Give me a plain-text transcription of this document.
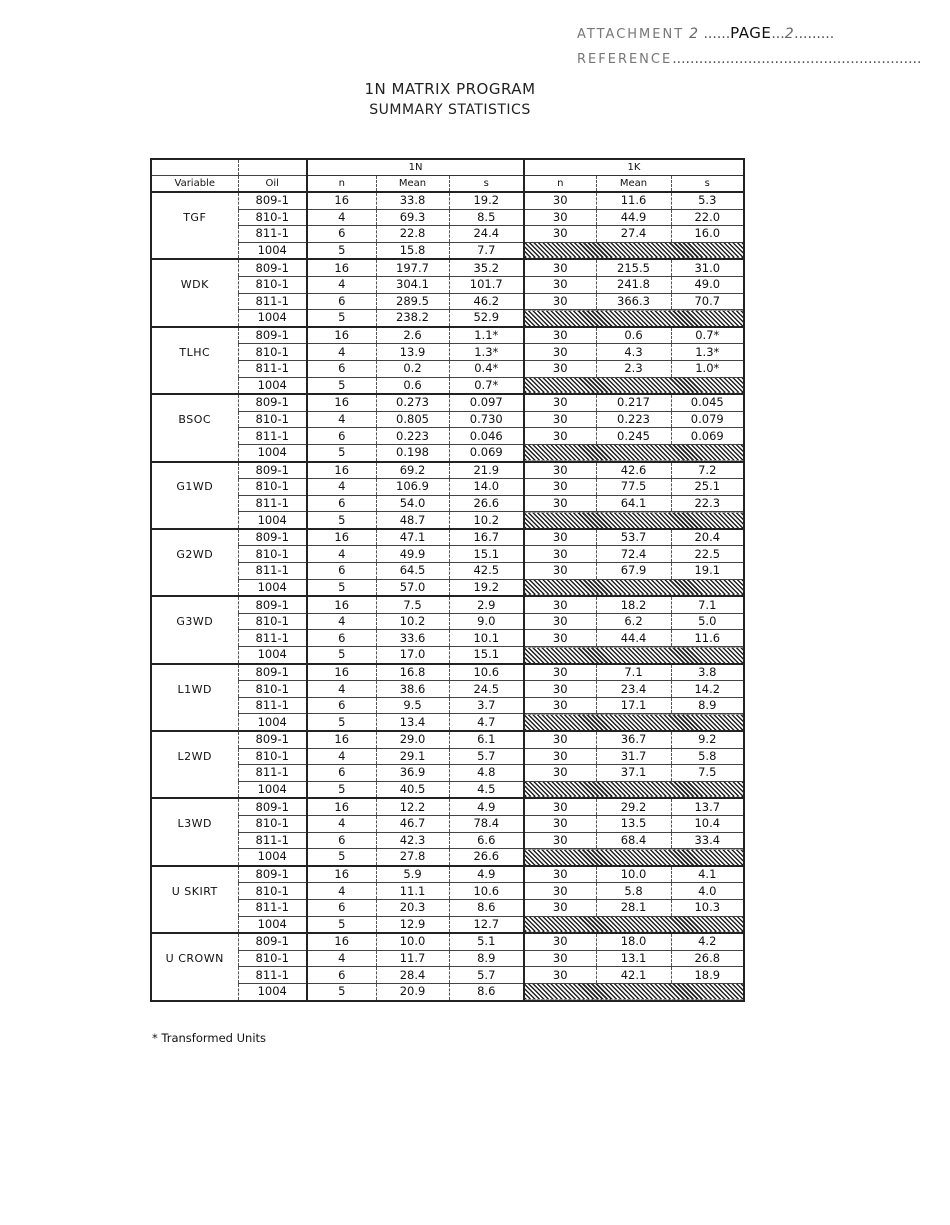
ATTACHMENT 2 ......PAGE...2.........
REFERENCE........................................................
1N MATRIX PROGRAM
SUMMARY STATISTICS
		1N			1K		
Variable	Oil	n	Mean	s	n	Mean	s
	809-1	16	33.8	19.2	30	11.6	5.3
TGF	810-1	4	69.3	8.5	30	44.9	22.0
	811-1	6	22.8	24.4	30	27.4	16.0
	1004	5	15.8	7.7			
	809-1	16	197.7	35.2	30	215.5	31.0
WDK	810-1	4	304.1	101.7	30	241.8	49.0
	811-1	6	289.5	46.2	30	366.3	70.7
	1004	5	238.2	52.9			
	809-1	16	2.6	1.1*	30	0.6	0.7*
TLHC	810-1	4	13.9	1.3*	30	4.3	1.3*
	811-1	6	0.2	0.4*	30	2.3	1.0*
	1004	5	0.6	0.7*			
	809-1	16	0.273	0.097	30	0.217	0.045
BSOC	810-1	4	0.805	0.730	30	0.223	0.079
	811-1	6	0.223	0.046	30	0.245	0.069
	1004	5	0.198	0.069			
	809-1	16	69.2	21.9	30	42.6	7.2
G1WD	810-1	4	106.9	14.0	30	77.5	25.1
	811-1	6	54.0	26.6	30	64.1	22.3
	1004	5	48.7	10.2			
	809-1	16	47.1	16.7	30	53.7	20.4
G2WD	810-1	4	49.9	15.1	30	72.4	22.5
	811-1	6	64.5	42.5	30	67.9	19.1
	1004	5	57.0	19.2			
	809-1	16	7.5	2.9	30	18.2	7.1
G3WD	810-1	4	10.2	9.0	30	6.2	5.0
	811-1	6	33.6	10.1	30	44.4	11.6
	1004	5	17.0	15.1			
	809-1	16	16.8	10.6	30	7.1	3.8
L1WD	810-1	4	38.6	24.5	30	23.4	14.2
	811-1	6	9.5	3.7	30	17.1	8.9
	1004	5	13.4	4.7			
	809-1	16	29.0	6.1	30	36.7	9.2
L2WD	810-1	4	29.1	5.7	30	31.7	5.8
	811-1	6	36.9	4.8	30	37.1	7.5
	1004	5	40.5	4.5			
	809-1	16	12.2	4.9	30	29.2	13.7
L3WD	810-1	4	46.7	78.4	30	13.5	10.4
	811-1	6	42.3	6.6	30	68.4	33.4
	1004	5	27.8	26.6			
	809-1	16	5.9	4.9	30	10.0	4.1
U SKIRT	810-1	4	11.1	10.6	30	5.8	4.0
	811-1	6	20.3	8.6	30	28.1	10.3
	1004	5	12.9	12.7			
	809-1	16	10.0	5.1	30	18.0	4.2
U CROWN	810-1	4	11.7	8.9	30	13.1	26.8
	811-1	6	28.4	5.7	30	42.1	18.9
	1004	5	20.9	8.6			
* Transformed Units
